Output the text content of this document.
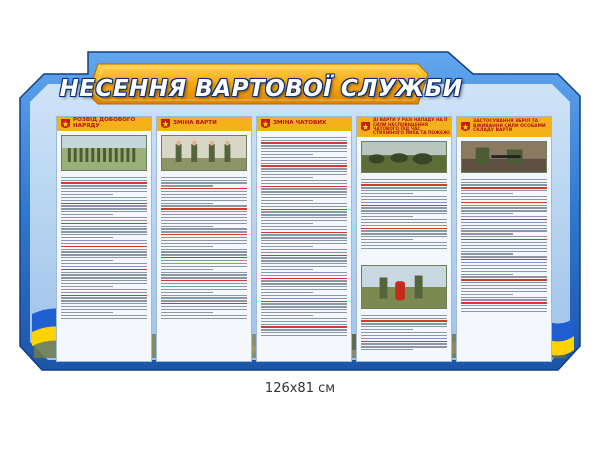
НЕСЕННЯ ВАРТОВОЇ СЛУЖБИ
РОЗВІД ДОБОВОГО НАРЯДУ	ЗМІНА ВАРТИ	ЗМІНА ЧАТОВИХ
ДІ ВАРТИ У РАЗІ НАПАДУ НА ЇЇ СИЛИ НЕСПОВІЩЕННЯ ЧАТОВОГО ПІД ЧАС СТИХІЙНОГО ЛИХА ТА ПОЖЕЖІ
ЗАСТОСУВАННЯ ЗБРОЇ ТА ВЖИВАННЯ СИЛИ ОСОБАМИ СКЛАДУ ВАРТИ
126x81 см
